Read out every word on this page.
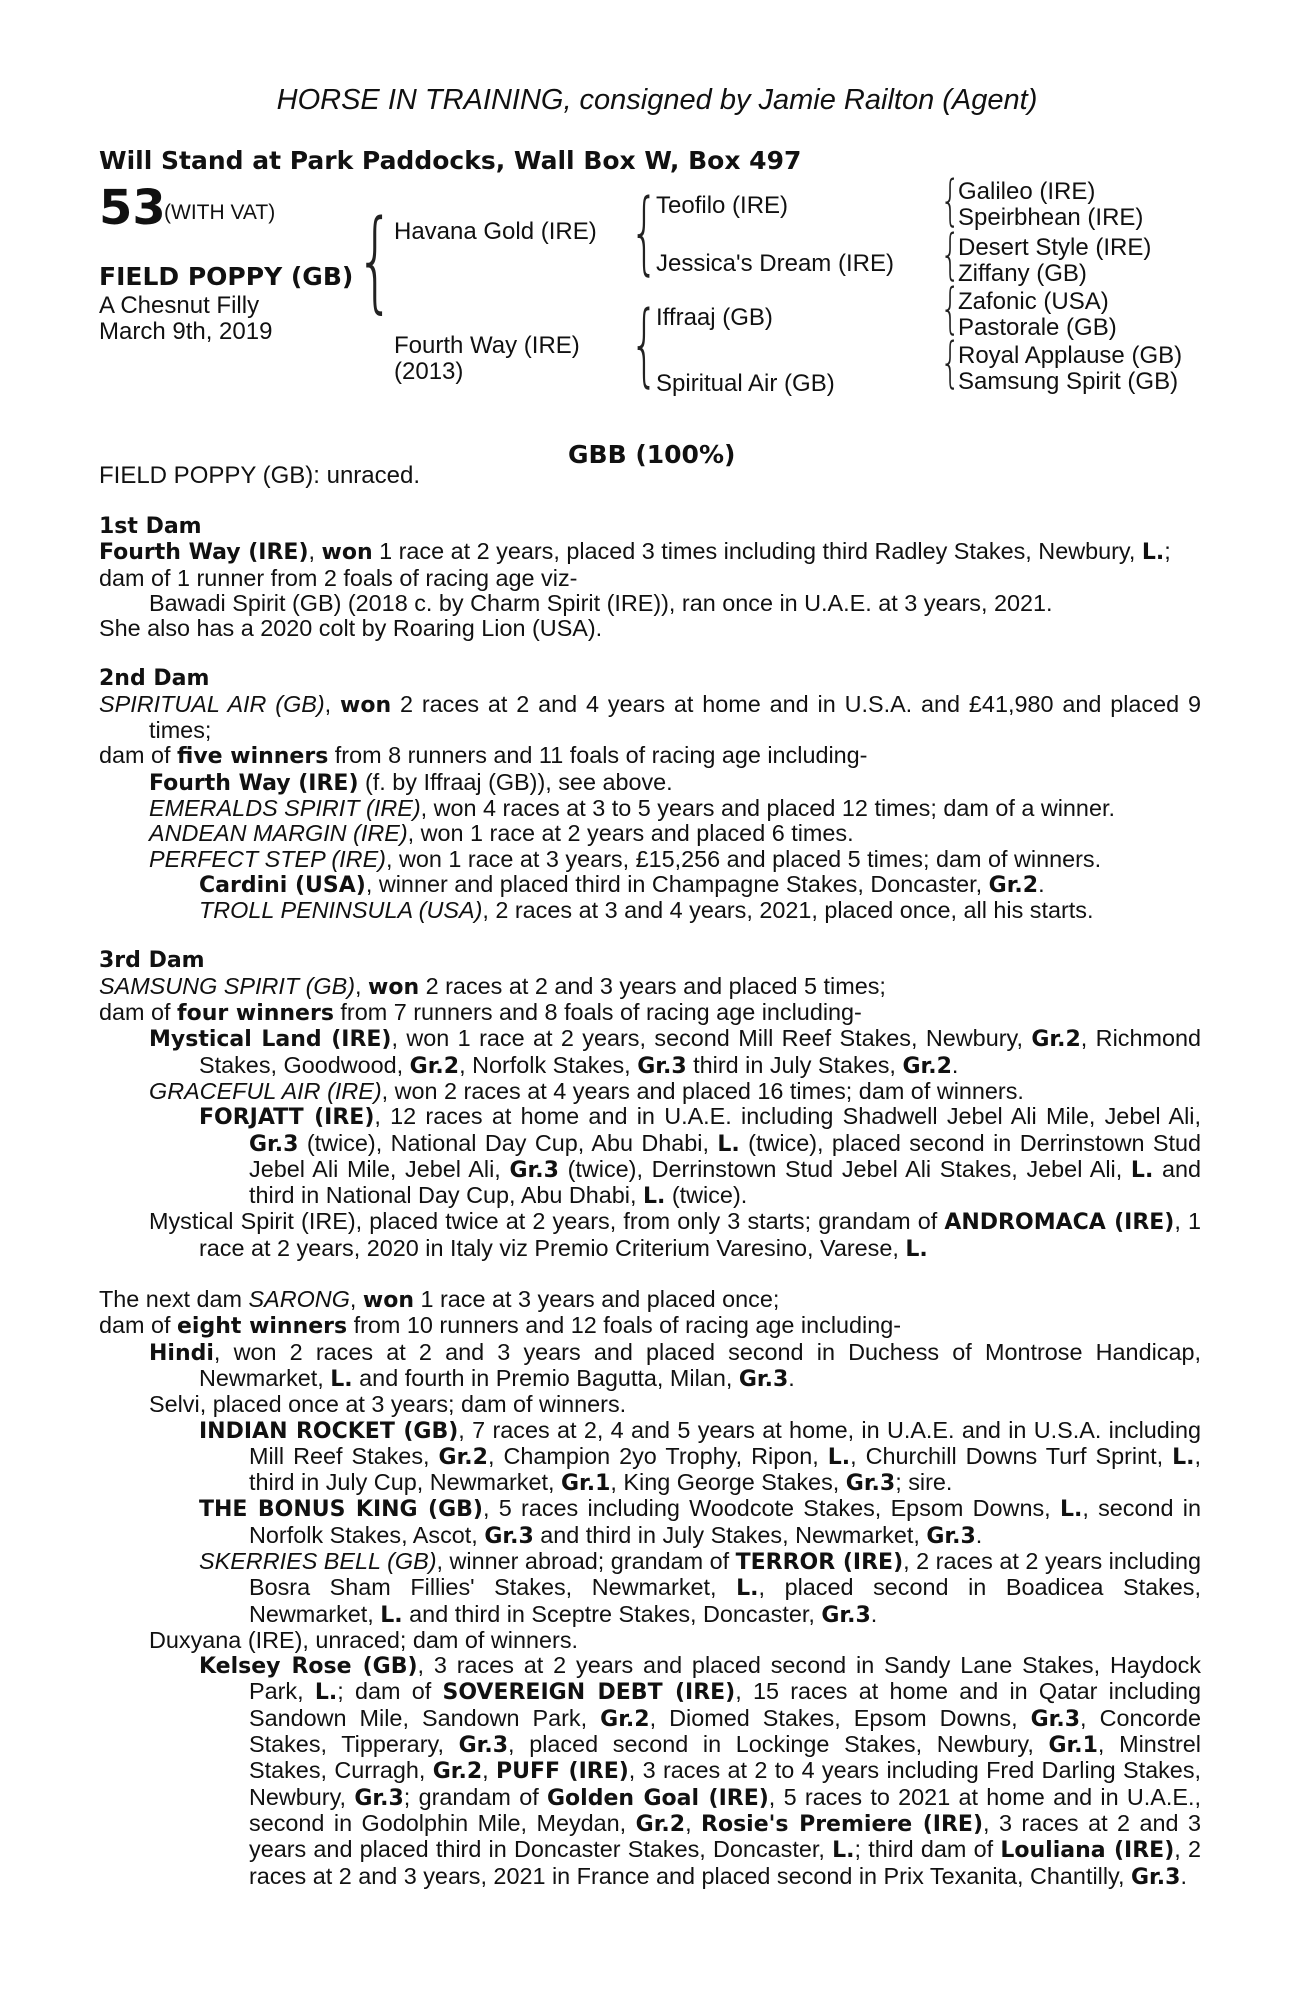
HORSE IN TRAINING, consigned by Jamie Railton (Agent)
Will Stand at Park Paddocks, Wall Box W, Box 497
53
(WITH VAT)
FIELD POPPY (GB)
A Chesnut Filly
March 9th, 2019
{ Havana Gold (IRE)
Fourth Way (IRE)
(2013)
{
{
Teofilo (IRE)
Jessica's Dream (IRE)
Iffraaj (GB)
Spiritual Air (GB)
{
{
{
{
Galileo (IRE)
Speirbhean (IRE)
Desert Style (IRE)
Ziffany (GB)
Zafonic (USA)
Pastorale (GB)
Royal Applause (GB)
Samsung Spirit (GB)
GBB (100%)
FIELD POPPY (GB): unraced.

1st Dam

Fourth Way (IRE), won 1 race at 2 years, placed 3 times including third Radley Stakes, Newbury, L.;

dam of 1 runner from 2 foals of racing age viz-

Bawadi Spirit (GB) (2018 c. by Charm Spirit (IRE)), ran once in U.A.E. at 3 years, 2021.

She also has a 2020 colt by Roaring Lion (USA).

2nd Dam

SPIRITUAL AIR (GB), won 2 races at 2 and 4 years at home and in U.S.A. and £41,980 and placed 9 times;

dam of five winners from 8 runners and 11 foals of racing age including-

Fourth Way (IRE) (f. by Iffraaj (GB)), see above.

EMERALDS SPIRIT (IRE), won 4 races at 3 to 5 years and placed 12 times; dam of a winner.

ANDEAN MARGIN (IRE), won 1 race at 2 years and placed 6 times.

PERFECT STEP (IRE), won 1 race at 3 years, £15,256 and placed 5 times; dam of winners.

Cardini (USA), winner and placed third in Champagne Stakes, Doncaster, Gr.2.

TROLL PENINSULA (USA), 2 races at 3 and 4 years, 2021, placed once, all his starts.

3rd Dam

SAMSUNG SPIRIT (GB), won 2 races at 2 and 3 years and placed 5 times;

dam of four winners from 7 runners and 8 foals of racing age including-

Mystical Land (IRE), won 1 race at 2 years, second Mill Reef Stakes, Newbury, Gr.2, Richmond Stakes, Goodwood, Gr.2, Norfolk Stakes, Gr.3 third in July Stakes, Gr.2.

GRACEFUL AIR (IRE), won 2 races at 4 years and placed 16 times; dam of winners.

FORJATT (IRE), 12 races at home and in U.A.E. including Shadwell Jebel Ali Mile, Jebel Ali, Gr.3 (twice), National Day Cup, Abu Dhabi, L. (twice), placed second in Derrinstown Stud Jebel Ali Mile, Jebel Ali, Gr.3 (twice), Derrinstown Stud Jebel Ali Stakes, Jebel Ali, L. and third in National Day Cup, Abu Dhabi, L. (twice).

Mystical Spirit (IRE), placed twice at 2 years, from only 3 starts; grandam of ANDROMACA (IRE), 1 race at 2 years, 2020 in Italy viz Premio Criterium Varesino, Varese, L.

The next dam SARONG, won 1 race at 3 years and placed once;

dam of eight winners from 10 runners and 12 foals of racing age including-

Hindi, won 2 races at 2 and 3 years and placed second in Duchess of Montrose Handicap, Newmarket, L. and fourth in Premio Bagutta, Milan, Gr.3.

Selvi, placed once at 3 years; dam of winners.

INDIAN ROCKET (GB), 7 races at 2, 4 and 5 years at home, in U.A.E. and in U.S.A. including Mill Reef Stakes, Gr.2, Champion 2yo Trophy, Ripon, L., Churchill Downs Turf Sprint, L., third in July Cup, Newmarket, Gr.1, King George Stakes, Gr.3; sire.

THE BONUS KING (GB), 5 races including Woodcote Stakes, Epsom Downs, L., second in Norfolk Stakes, Ascot, Gr.3 and third in July Stakes, Newmarket, Gr.3.

SKERRIES BELL (GB), winner abroad; grandam of TERROR (IRE), 2 races at 2 years including Bosra Sham Fillies' Stakes, Newmarket, L., placed second in Boadicea Stakes, Newmarket, L. and third in Sceptre Stakes, Doncaster, Gr.3.

Duxyana (IRE), unraced; dam of winners.

Kelsey Rose (GB), 3 races at 2 years and placed second in Sandy Lane Stakes, Haydock Park, L.; dam of SOVEREIGN DEBT (IRE), 15 races at home and in Qatar including Sandown Mile, Sandown Park, Gr.2, Diomed Stakes, Epsom Downs, Gr.3, Concorde Stakes, Tipperary, Gr.3, placed second in Lockinge Stakes, Newbury, Gr.1, Minstrel Stakes, Curragh, Gr.2, PUFF (IRE), 3 races at 2 to 4 years including Fred Darling Stakes, Newbury, Gr.3; grandam of Golden Goal (IRE), 5 races to 2021 at home and in U.A.E., second in Godolphin Mile, Meydan, Gr.2, Rosie's Premiere (IRE), 3 races at 2 and 3 years and placed third in Doncaster Stakes, Doncaster, L.; third dam of Louliana (IRE), 2 races at 2 and 3 years, 2021 in France and placed second in Prix Texanita, Chantilly, Gr.3.
